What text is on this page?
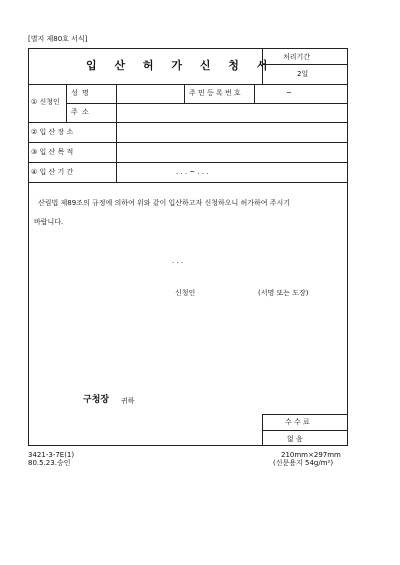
[별지 제80호 서식]
입 산 허 가 신 청 서
처리기간
2일
① 신청인
성 명	주 민 등 록 번 호	~
주 소
② 입 산 장 소
③ 입 산 목 적
④ 입 산 기 간	. . . ~ . . .
산림법 제89조의 규정에 의하여 위와 같이 입산하고자 신청하오니 허가하여 주시기
바랍니다.
. . .
신청인	(서명 또는 도장)
구청장 귀하
수 수 료
없 음
3421-3-7E(1)
80.5.23.승인
210mm×297mm
(신문용지 54g/m²)
